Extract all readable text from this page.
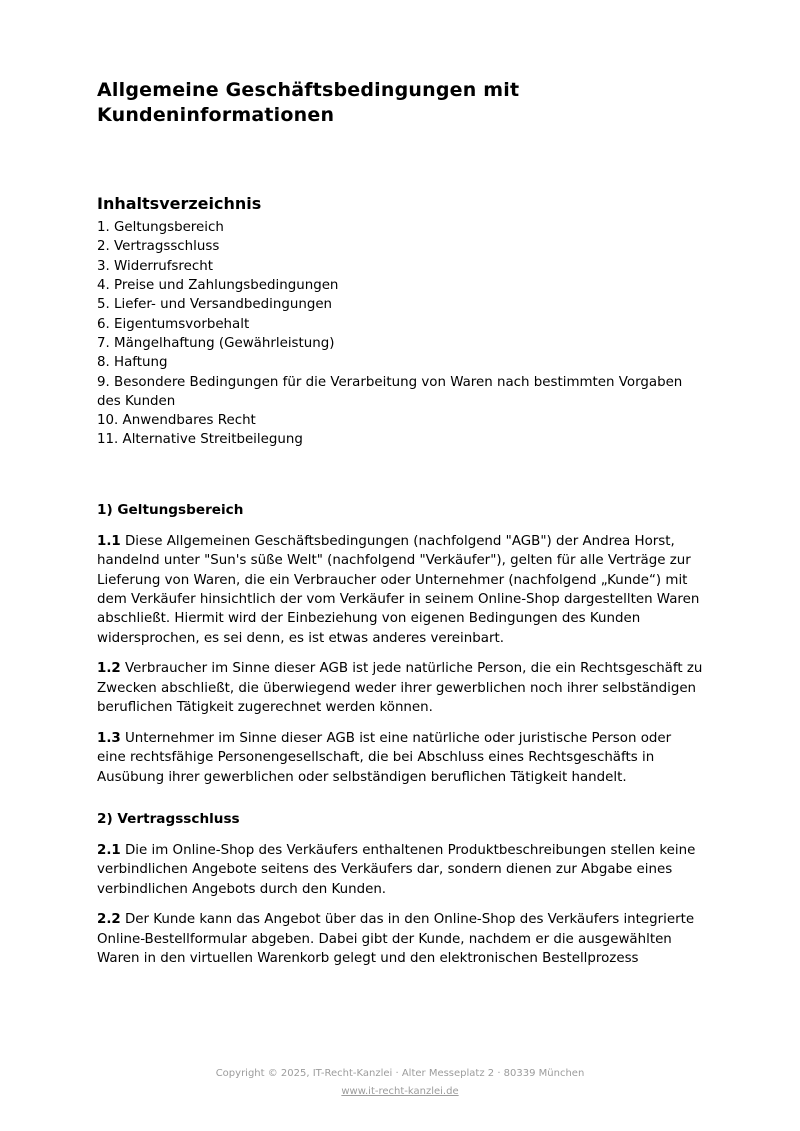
Allgemeine Geschäftsbedingungen mit Kundeninformationen
Inhaltsverzeichnis
1. Geltungsbereich
2. Vertragsschluss
3. Widerrufsrecht
4. Preise und Zahlungsbedingungen
5. Liefer- und Versandbedingungen
6. Eigentumsvorbehalt
7. Mängelhaftung (Gewährleistung)
8. Haftung
9. Besondere Bedingungen für die Verarbeitung von Waren nach bestimmten Vorgaben des Kunden
10. Anwendbares Recht
11. Alternative Streitbeilegung
1) Geltungsbereich

1.1 Diese Allgemeinen Geschäftsbedingungen (nachfolgend "AGB") der Andrea Horst, handelnd unter "Sun's süße Welt" (nachfolgend "Verkäufer"), gelten für alle Verträge zur Lieferung von Waren, die ein Verbraucher oder Unternehmer (nachfolgend „Kunde“) mit dem Verkäufer hinsichtlich der vom Verkäufer in seinem Online-Shop dargestellten Waren abschließt. Hiermit wird der Einbeziehung von eigenen Bedingungen des Kunden widersprochen, es sei denn, es ist etwas anderes vereinbart.

1.2 Verbraucher im Sinne dieser AGB ist jede natürliche Person, die ein Rechtsgeschäft zu Zwecken abschließt, die überwiegend weder ihrer gewerblichen noch ihrer selbständigen beruflichen Tätigkeit zugerechnet werden können.

1.3 Unternehmer im Sinne dieser AGB ist eine natürliche oder juristische Person oder eine rechtsfähige Personengesellschaft, die bei Abschluss eines Rechtsgeschäfts in Ausübung ihrer gewerblichen oder selbständigen beruflichen Tätigkeit handelt.

2) Vertragsschluss

2.1 Die im Online-Shop des Verkäufers enthaltenen Produktbeschreibungen stellen keine verbindlichen Angebote seitens des Verkäufers dar, sondern dienen zur Abgabe eines verbindlichen Angebots durch den Kunden.

2.2 Der Kunde kann das Angebot über das in den Online-Shop des Verkäufers integrierte Online-Bestellformular abgeben. Dabei gibt der Kunde, nachdem er die ausgewählten Waren in den virtuellen Warenkorb gelegt und den elektronischen Bestellprozess

Copyright © 2025, IT-Recht-Kanzlei · Alter Messeplatz 2 · 80339 München
www.it-recht-kanzlei.de
